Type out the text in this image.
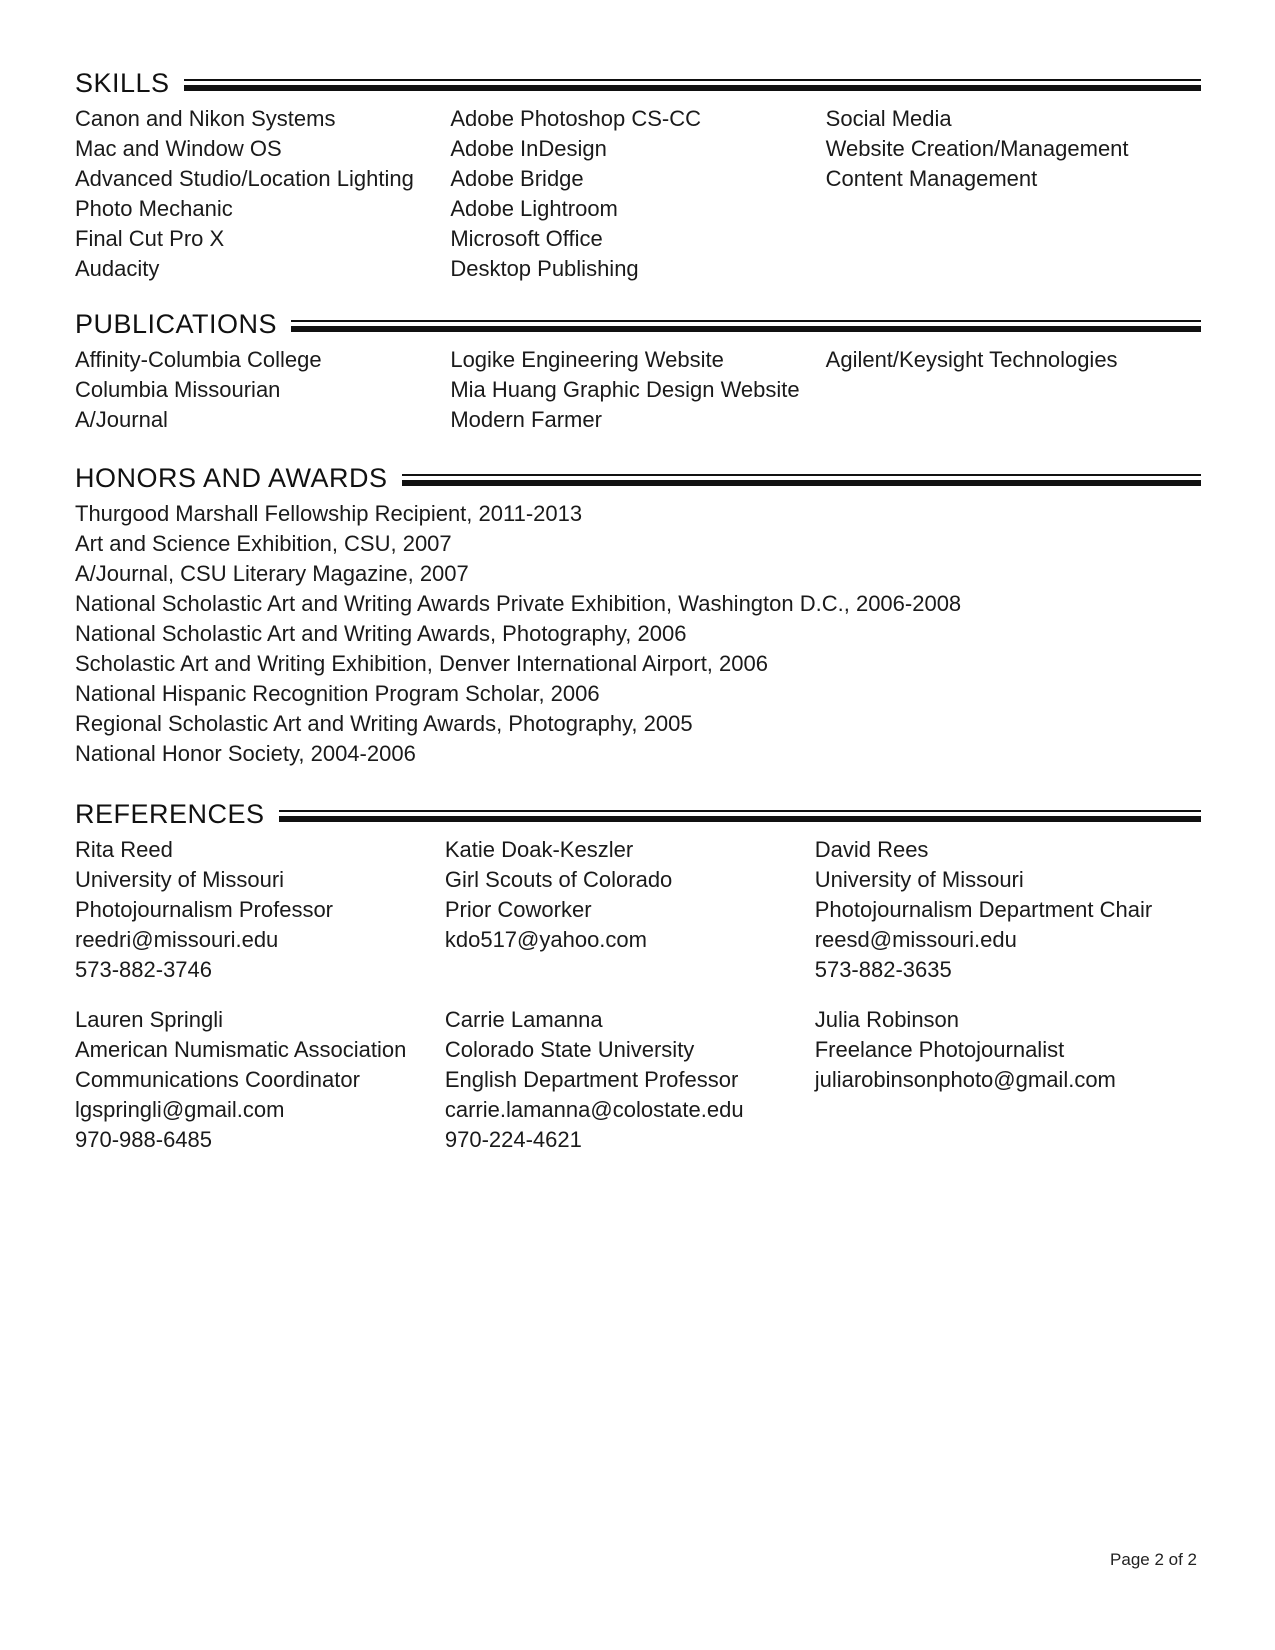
SKILLS
Canon and Nikon Systems
Mac and Window OS
Advanced Studio/Location Lighting
Photo Mechanic
Final Cut Pro X
Audacity
Adobe Photoshop CS-CC
Adobe InDesign
Adobe Bridge
Adobe Lightroom
Microsoft Office
Desktop Publishing
Social Media
Website Creation/Management
Content Management
PUBLICATIONS
Affinity-Columbia College
Columbia Missourian
A/Journal
Logike Engineering Website
Mia Huang Graphic Design Website
Modern Farmer
Agilent/Keysight Technologies
HONORS AND AWARDS
Thurgood Marshall Fellowship Recipient, 2011-2013
Art and Science Exhibition, CSU, 2007
A/Journal, CSU Literary Magazine, 2007
National Scholastic Art and Writing Awards Private Exhibition, Washington D.C., 2006-2008
National Scholastic Art and Writing Awards, Photography, 2006
Scholastic Art and Writing Exhibition, Denver International Airport, 2006
National Hispanic Recognition Program Scholar, 2006
Regional Scholastic Art and Writing Awards, Photography, 2005
National Honor Society, 2004-2006
REFERENCES
Rita Reed
University of Missouri
Photojournalism Professor
reedri@missouri.edu
573-882-3746
Lauren Springli
American Numismatic Association
Communications Coordinator
lgspringli@gmail.com
970-988-6485
Katie Doak-Keszler
Girl Scouts of Colorado
Prior Coworker
kdo517@yahoo.com
Carrie Lamanna
Colorado State University
English Department Professor
carrie.lamanna@colostate.edu
970-224-4621
David Rees
University of Missouri
Photojournalism Department Chair
reesd@missouri.edu
573-882-3635
Julia Robinson
Freelance Photojournalist
juliarobinsonphoto@gmail.com
Page 2 of 2
